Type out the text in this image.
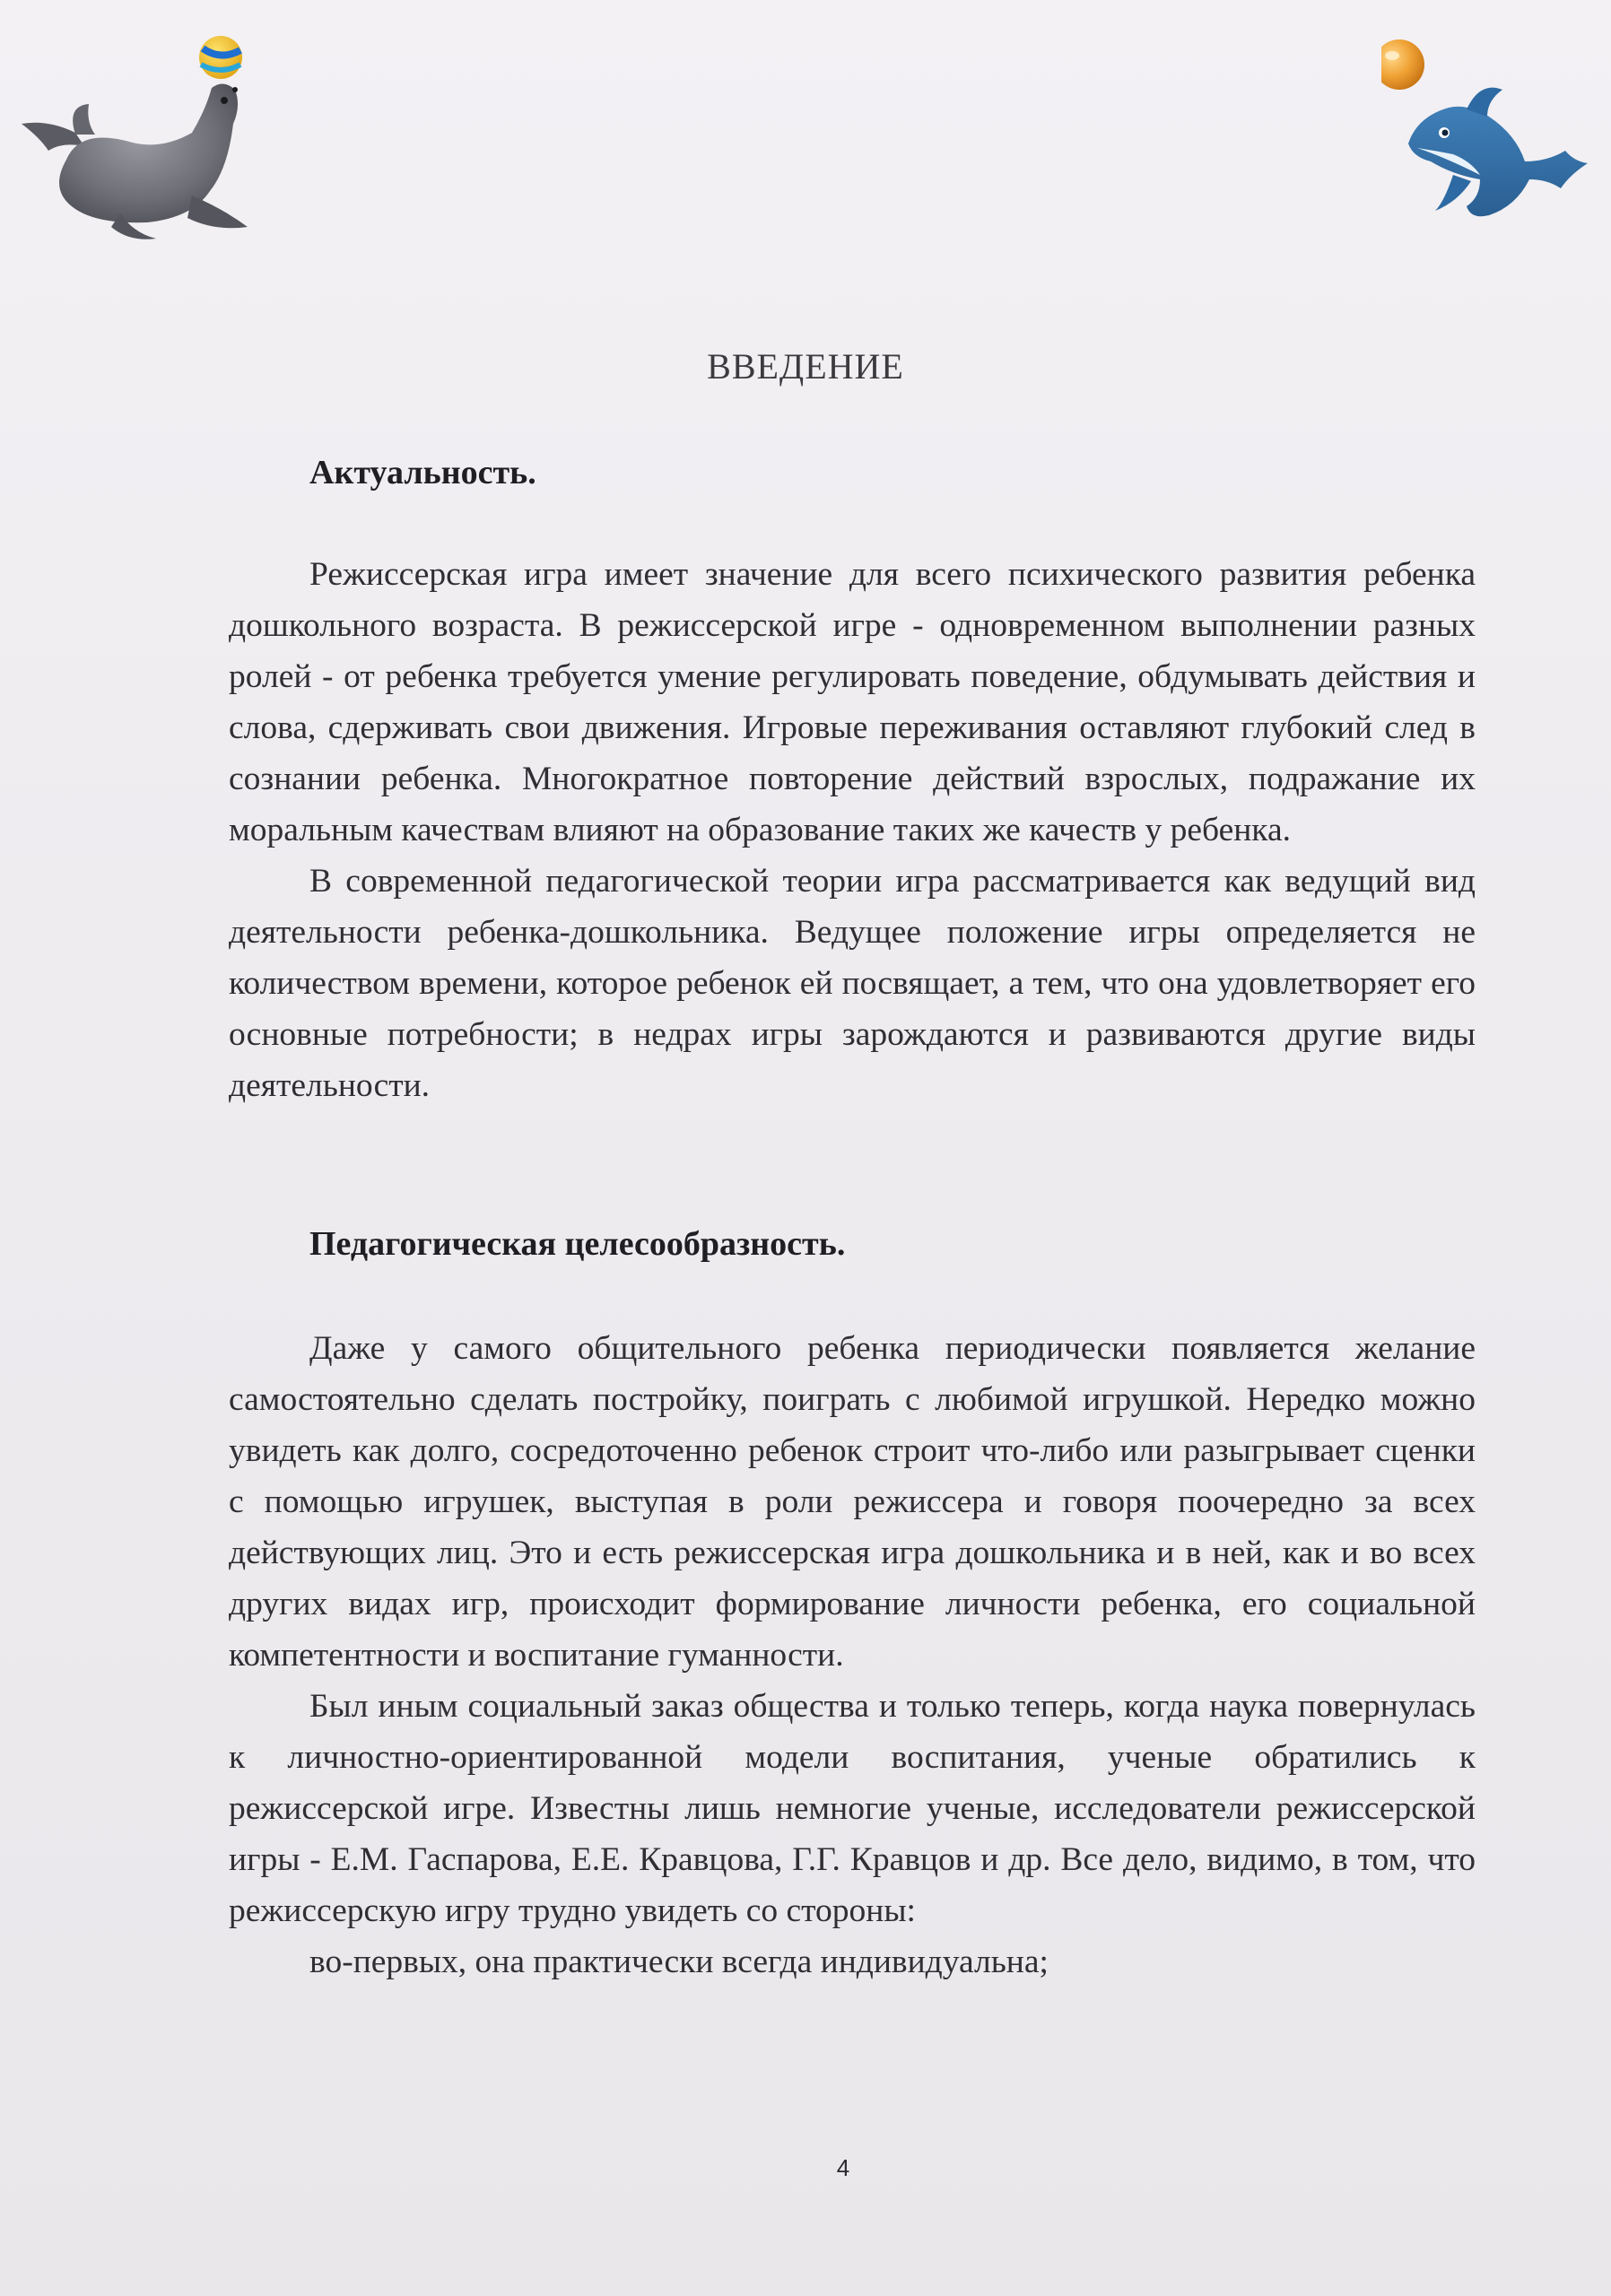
ВВЕДЕНИЕ
Актуальность.

Режиссерская игра имеет значение для всего психического развития ребенка дошкольного возраста. В режиссерской игре - одновременном выполнении разных ролей - от ребенка требуется умение регулировать поведение, обдумывать действия и слова, сдерживать свои движения. Игровые переживания оставляют глубокий след в сознании ребенка. Многократное повторение действий взрослых, подражание их моральным качествам влияют на образование таких же качеств у ребенка.

В современной педагогической теории игра рассматривается как ведущий вид деятельности ребенка-дошкольника. Ведущее положение игры определяется не количеством времени, которое ребенок ей посвящает, а тем, что она удовлетворяет его основные потребности; в недрах игры зарождаются и развиваются другие виды деятельности.

Педагогическая целесообразность.

Даже у самого общительного ребенка периодически появляется желание самостоятельно сделать постройку, поиграть с любимой игрушкой. Нередко можно увидеть как долго, сосредоточенно ребенок строит что-либо или разыгрывает сценки с помощью игрушек, выступая в роли режиссера и говоря поочередно за всех действующих лиц. Это и есть режиссерская игра дошкольника и в ней, как и во всех других видах игр, происходит формирование личности ребенка, его социальной компетентности и воспитание гуманности.

Был иным социальный заказ общества и только теперь, когда наука повернулась к личностно-ориентированной модели воспитания, ученые обратились к режиссерской игре. Известны лишь немногие ученые, исследователи режиссерской игры - Е.М. Гаспарова, Е.Е. Кравцова, Г.Г. Кравцов и др. Все дело, видимо, в том, что режиссерскую игру трудно увидеть со стороны:

во-первых, она практически всегда индивидуальна;

4
